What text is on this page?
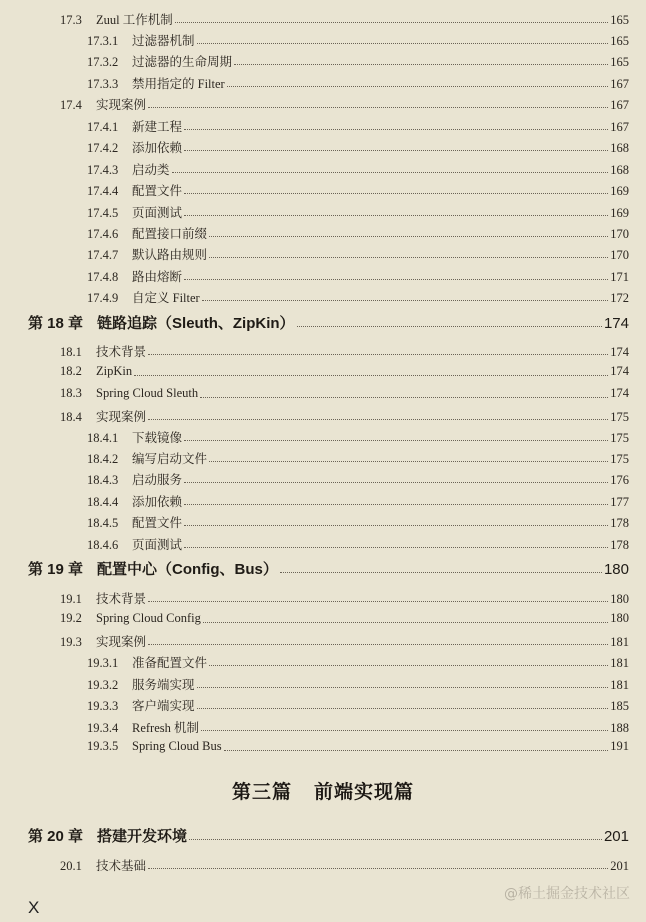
17.3	Zuul 工作机制	165
17.3.1	过滤器机制	165
17.3.2	过滤器的生命周期	165
17.3.3	禁用指定的 Filter	167
17.4	实现案例	167
17.4.1	新建工程	167
17.4.2	添加依赖	168
17.4.3	启动类	168
17.4.4	配置文件	169
17.4.5	页面测试	169
17.4.6	配置接口前缀	170
17.4.7	默认路由规则	170
17.4.8	路由熔断	171
17.4.9	自定义 Filter	172
第 18 章 链路追踪（Sleuth、ZipKin）	174
18.1	技术背景	174
18.2	ZipKin	174
18.3	Spring Cloud Sleuth	174
18.4	实现案例	175
18.4.1	下载镜像	175
18.4.2	编写启动文件	175
18.4.3	启动服务	176
18.4.4	添加依赖	177
18.4.5	配置文件	178
18.4.6	页面测试	178
第 19 章 配置中心（Config、Bus）	180
19.1	技术背景	180
19.2	Spring Cloud Config	180
19.3	实现案例	181
19.3.1	准备配置文件	181
19.3.2	服务端实现	181
19.3.3	客户端实现	185
19.3.4	Refresh 机制	188
19.3.5	Spring Cloud Bus	191
第三篇 前端实现篇
第 20 章 搭建开发环境	201
20.1	技术基础	201
X
@稀土掘金技术社区
